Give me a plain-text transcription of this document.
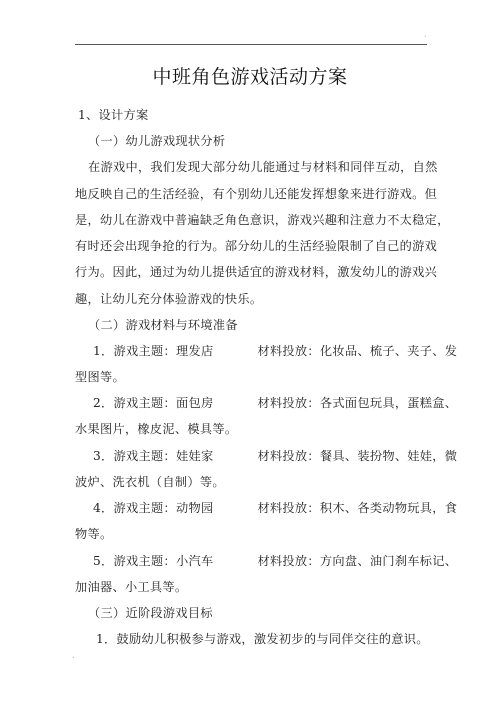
`
中班角色游戏活动方案
1、设计方案
（一）幼儿游戏现状分析
在游戏中，我们发现大部分幼儿能通过与材料和同伴互动，自然
地反映自己的生活经验，有个别幼儿还能发挥想象来进行游戏。但
是，幼儿在游戏中普遍缺乏角色意识，游戏兴趣和注意力不太稳定，
有时还会出现争抢的行为。部分幼儿的生活经验限制了自己的游戏
行为。因此，通过为幼儿提供适宜的游戏材料，激发幼儿的游戏兴
趣，让幼儿充分体验游戏的快乐。
（二）游戏材料与环境准备
1．游戏主题：理发店	材料投放：化妆品、梳子、夹子、发
型图等。
2．游戏主题：面包房	材料投放：各式面包玩具，蛋糕盒、
水果图片，橡皮泥、模具等。
3．游戏主题：娃娃家	材料投放：餐具、装扮物、娃娃，微
波炉、洗衣机（自制）等。
4．游戏主题：动物园	材料投放：积木、各类动物玩具，食
物等。
5．游戏主题：小汽车	材料投放：方向盘、油门刹车标记、
加油器、小工具等。
（三）近阶段游戏目标
1．鼓励幼儿积极参与游戏，激发初步的与同伴交往的意识。
`
